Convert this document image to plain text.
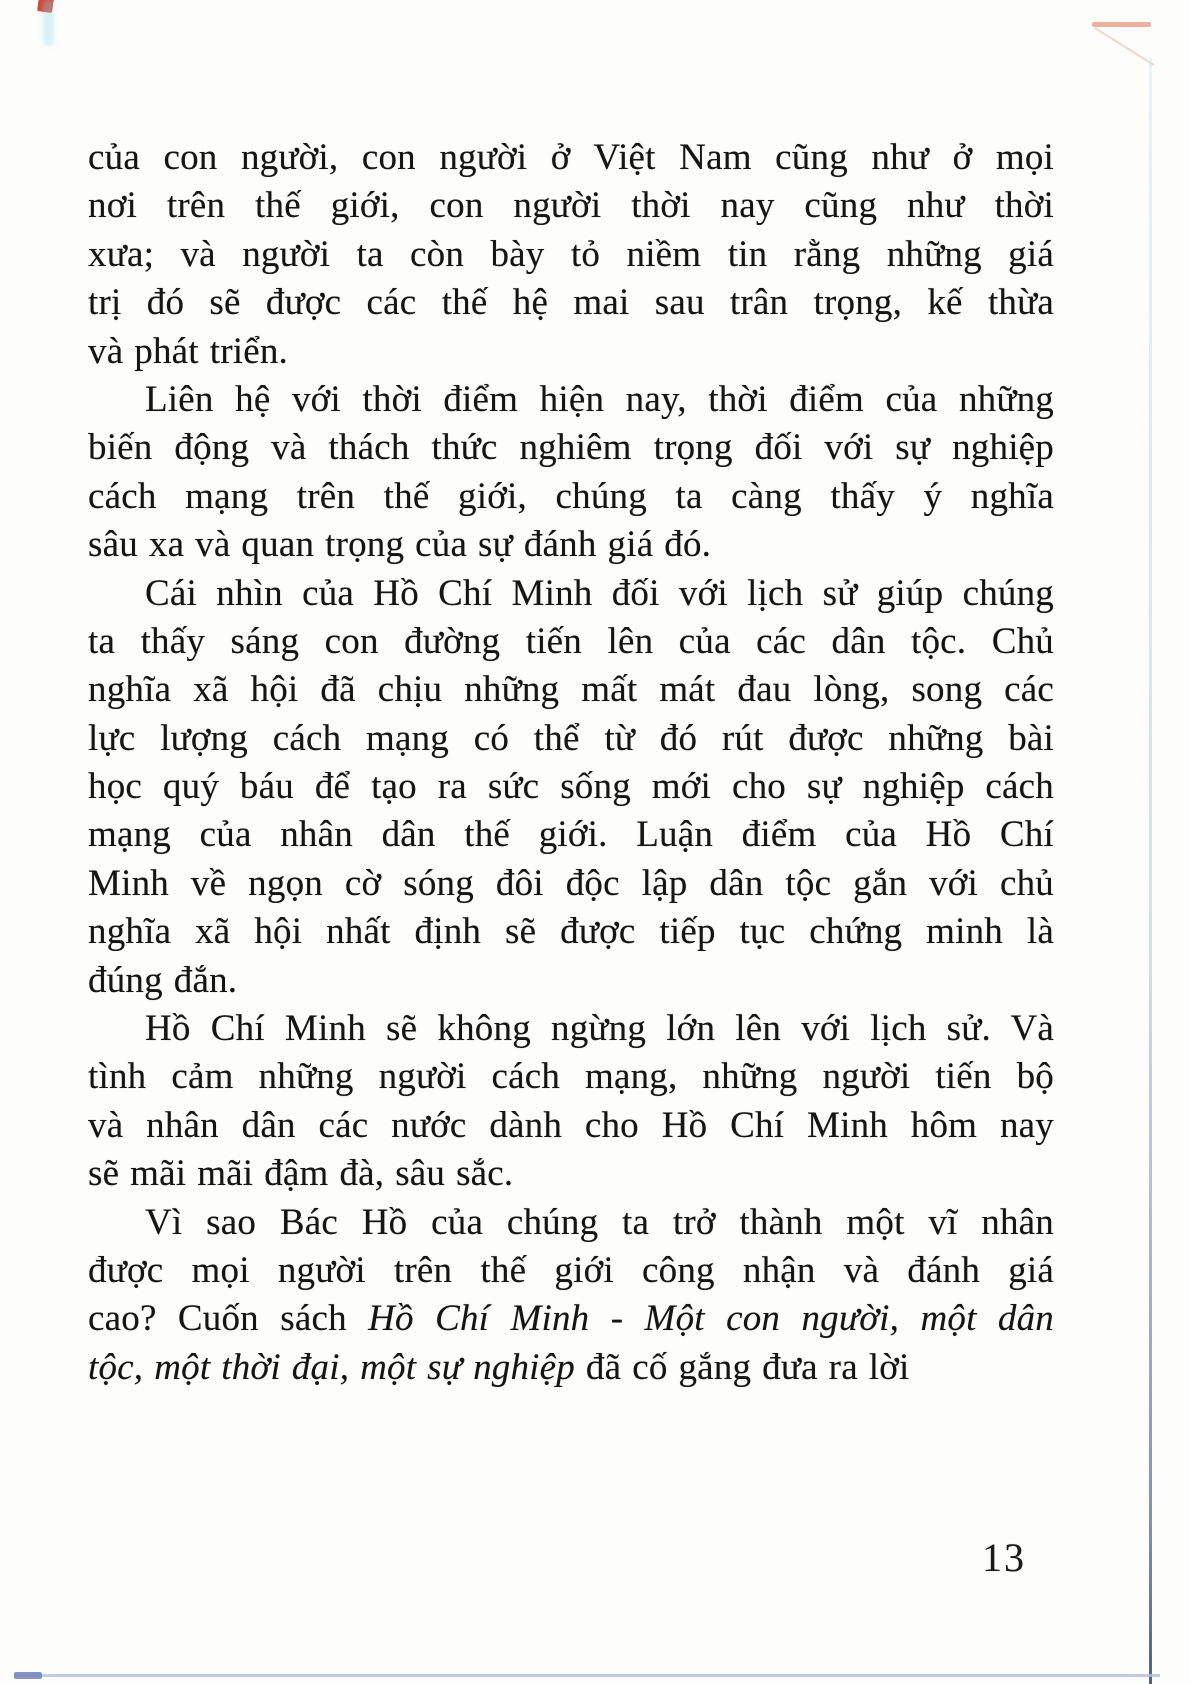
của con người, con người ở Việt Nam cũng như ở mọi
nơi trên thế giới, con người thời nay cũng như thời
xưa; và người ta còn bày tỏ niềm tin rằng những giá
trị đó sẽ được các thế hệ mai sau trân trọng, kế thừa
và phát triển.
Liên hệ với thời điểm hiện nay, thời điểm của những
biến động và thách thức nghiêm trọng đối với sự nghiệp
cách mạng trên thế giới, chúng ta càng thấy ý nghĩa
sâu xa và quan trọng của sự đánh giá đó.
Cái nhìn của Hồ Chí Minh đối với lịch sử giúp chúng
ta thấy sáng con đường tiến lên của các dân tộc. Chủ
nghĩa xã hội đã chịu những mất mát đau lòng, song các
lực lượng cách mạng có thể từ đó rút được những bài
học quý báu để tạo ra sức sống mới cho sự nghiệp cách
mạng của nhân dân thế giới. Luận điểm của Hồ Chí
Minh về ngọn cờ sóng đôi độc lập dân tộc gắn với chủ
nghĩa xã hội nhất định sẽ được tiếp tục chứng minh là
đúng đắn.
Hồ Chí Minh sẽ không ngừng lớn lên với lịch sử. Và
tình cảm những người cách mạng, những người tiến bộ
và nhân dân các nước dành cho Hồ Chí Minh hôm nay
sẽ mãi mãi đậm đà, sâu sắc.
Vì sao Bác Hồ của chúng ta trở thành một vĩ nhân
được mọi người trên thế giới công nhận và đánh giá
cao? Cuốn sách Hồ Chí Minh - Một con người, một dân
tộc, một thời đại, một sự nghiệp đã cố gắng đưa ra lời
13
